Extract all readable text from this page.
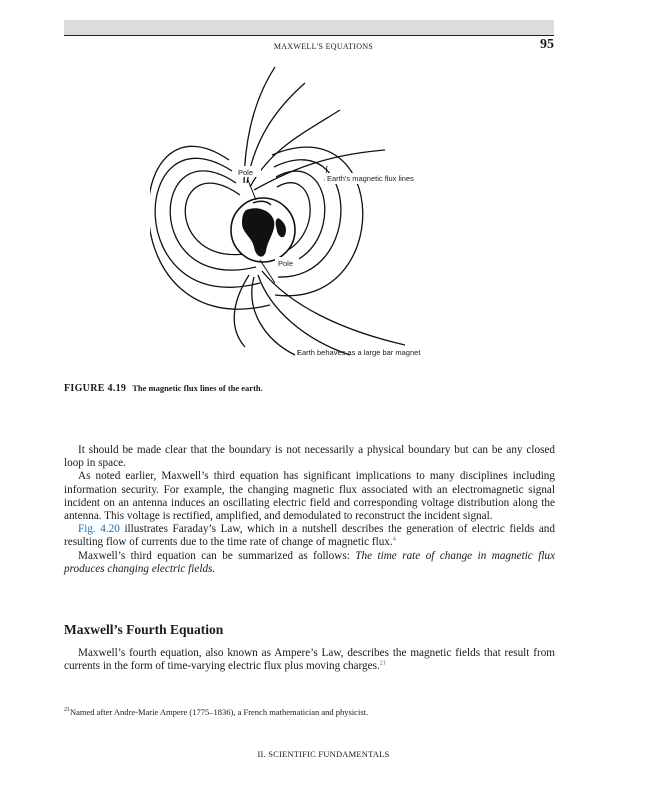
MAXWELL'S EQUATIONS	95
Pole
Pole
Earth's magnetic flux lines
Earth behaves as a large bar magnet
FIGURE 4.19 The magnetic flux lines of the earth.

It should be made clear that the boundary is not necessarily a physical boundary but can be any closed loop in space.

As noted earlier, Maxwell’s third equation has significant implications to many disciplines including information security. For example, the changing magnetic flux associated with an electromagnetic signal incident on an antenna induces an oscillating electric field and corresponding voltage distribution along the antenna. This voltage is rectified, amplified, and demodulated to reconstruct the incident signal.

Fig. 4.20 illustrates Faraday’s Law, which in a nutshell describes the generation of electric fields and resulting flow of currents due to the time rate of change of magnetic flux.$^4$

Maxwell’s third equation can be summarized as follows: The time rate of change in magnetic flux produces changing electric fields.

Maxwell’s Fourth Equation

Maxwell’s fourth equation, also known as Ampere’s Law, describes the magnetic fields that result from currents in the form of time-varying electric flux plus moving charges.$^{21}$

$^{21}$Named after Andre-Marie Ampere (1775–1836), a French mathematician and physicist.
II. SCIENTIFIC FUNDAMENTALS
